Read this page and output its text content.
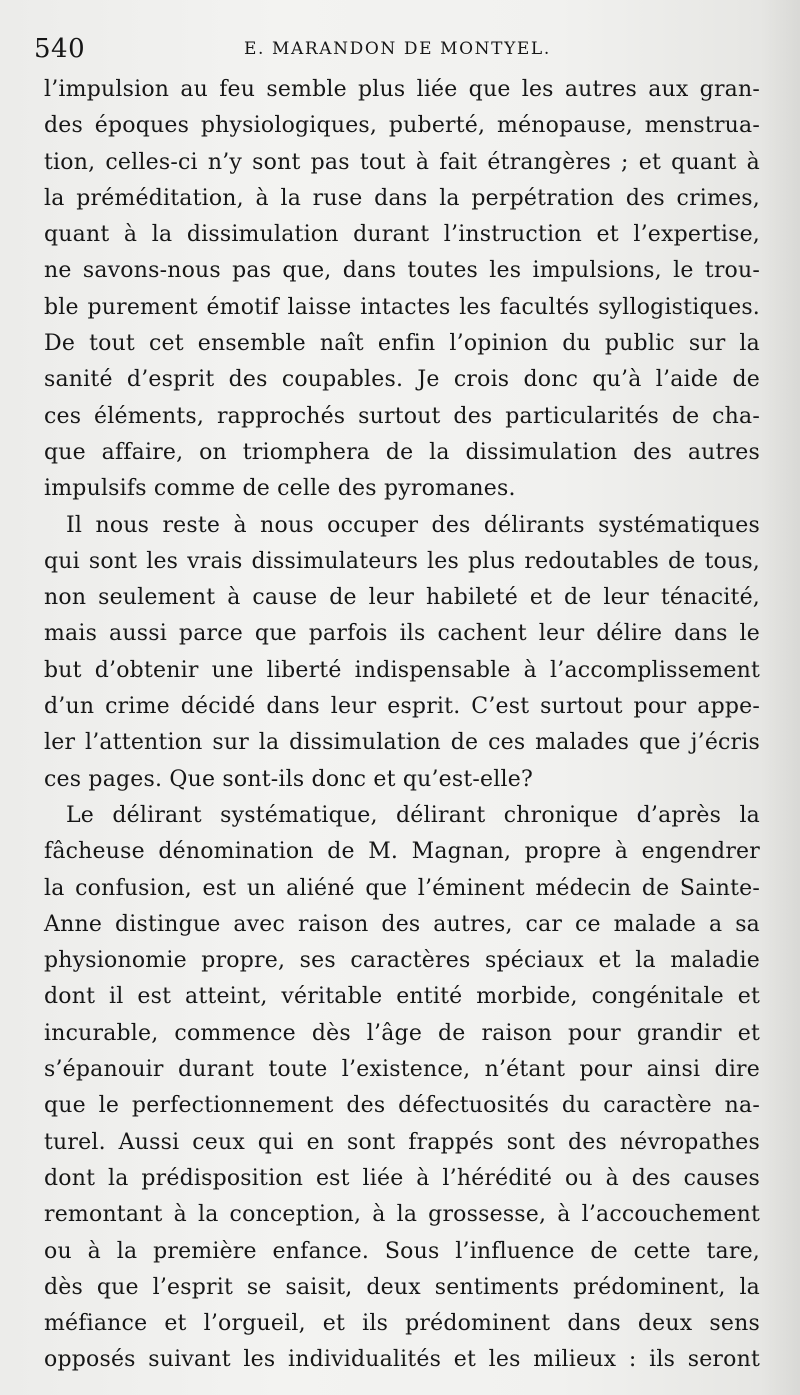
540	E. MARANDON DE MONTYEL.
l’impulsion au feu semble plus liée que les autres aux gran-
des époques physiologiques, puberté, ménopause, menstrua-
tion, celles-ci n’y sont pas tout à fait étrangères ; et quant à
la préméditation, à la ruse dans la perpétration des crimes,
quant à la dissimulation durant l’instruction et l’expertise,
ne savons-nous pas que, dans toutes les impulsions, le trou-
ble purement émotif laisse intactes les facultés syllogistiques.
De tout cet ensemble naît enfin l’opinion du public sur la
sanité d’esprit des coupables. Je crois donc qu’à l’aide de
ces éléments, rapprochés surtout des particularités de cha-
que affaire, on triomphera de la dissimulation des autres
impulsifs comme de celle des pyromanes.
Il nous reste à nous occuper des délirants systématiques
qui sont les vrais dissimulateurs les plus redoutables de tous,
non seulement à cause de leur habileté et de leur ténacité,
mais aussi parce que parfois ils cachent leur délire dans le
but d’obtenir une liberté indispensable à l’accomplissement
d’un crime décidé dans leur esprit. C’est surtout pour appe-
ler l’attention sur la dissimulation de ces malades que j’écris
ces pages. Que sont-ils donc et qu’est-elle?
Le délirant systématique, délirant chronique d’après la
fâcheuse dénomination de M. Magnan, propre à engendrer
la confusion, est un aliéné que l’éminent médecin de Sainte-
Anne distingue avec raison des autres, car ce malade a sa
physionomie propre, ses caractères spéciaux et la maladie
dont il est atteint, véritable entité morbide, congénitale et
incurable, commence dès l’âge de raison pour grandir et
s’épanouir durant toute l’existence, n’étant pour ainsi dire
que le perfectionnement des défectuosités du caractère na-
turel. Aussi ceux qui en sont frappés sont des névropathes
dont la prédisposition est liée à l’hérédité ou à des causes
remontant à la conception, à la grossesse, à l’accouchement
ou à la première enfance. Sous l’influence de cette tare,
dès que l’esprit se saisit, deux sentiments prédominent, la
méfiance et l’orgueil, et ils prédominent dans deux sens
opposés suivant les individualités et les milieux : ils seront
